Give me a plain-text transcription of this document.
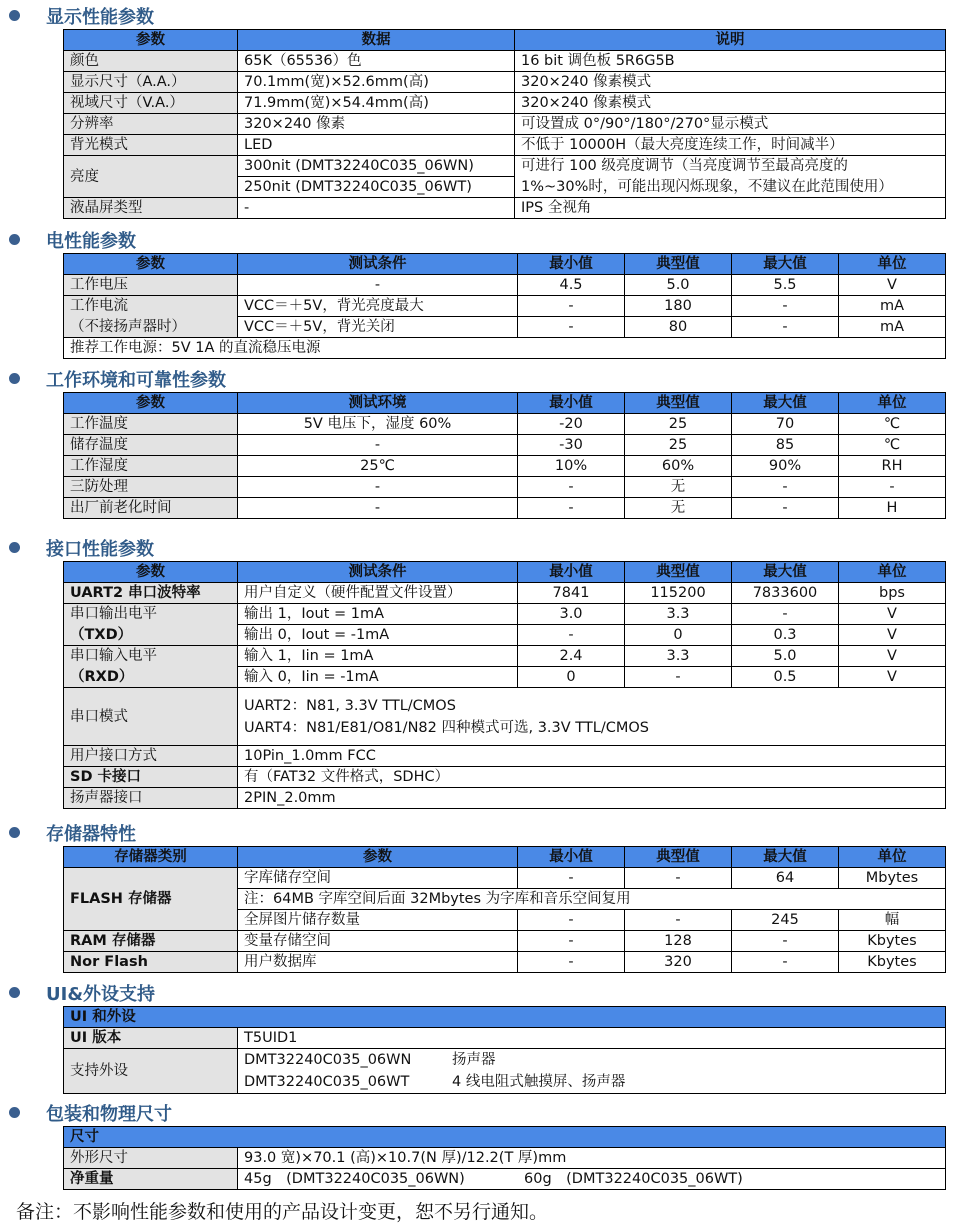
显示性能参数
参数	数据	说明
颜色	65K（65536）色	16 bit 调色板 5R6G5B
显示尺寸（A.A.）	70.1mm(宽)×52.6mm(高)	320×240 像素模式
视域尺寸（V.A.）	71.9mm(宽)×54.4mm(高)	320×240 像素模式
分辨率	320×240 像素	可设置成 0°/90°/180°/270°显示模式
背光模式	LED	不低于 10000H（最大亮度连续工作，时间减半）
亮度	300nit (DMT32240C035_06WN)	可进行 100 级亮度调节（当亮度调节至最高亮度的
	250nit (DMT32240C035_06WT)	1%~30%时，可能出现闪烁现象，不建议在此范围使用）
液晶屏类型	-	IPS 全视角
电性能参数
参数	测试条件	最小值	典型值	最大值	单位
工作电压	-	4.5	5.0	5.5	V
工作电流	VCC＝＋5V，背光亮度最大	-	180	-	mA
（不接扬声器时）	VCC＝＋5V，背光关闭	-	80	-	mA
推荐工作电源：5V 1A 的直流稳压电源					
工作环境和可靠性参数
参数	测试环境	最小值	典型值	最大值	单位
工作温度	5V 电压下，湿度 60%	-20	25	70	℃
储存温度	-	-30	25	85	℃
工作湿度	25℃	10%	60%	90%	RH
三防处理	-	-	无	-	-
出厂前老化时间	-	-	无	-	H
接口性能参数
参数	测试条件	最小值	典型值	最大值	单位
UART2 串口波特率	用户自定义（硬件配置文件设置）	7841	115200	7833600	bps
串口输出电平	输出 1，Iout = 1mA	3.0	3.3	-	V
（TXD）	输出 0，Iout = -1mA	-	0	0.3	V
串口输入电平	输入 1，Iin = 1mA	2.4	3.3	5.0	V
（RXD）	输入 0，Iin = -1mA	0	-	0.5	V
串口模式	UART2：N81, 3.3V TTL/CMOS
UART4：N81/E81/O81/N82 四种模式可选, 3.3V TTL/CMOS				

用户接口方式	10Pin_1.0mm FCC				
SD 卡接口	有（FAT32 文件格式，SDHC）				
扬声器接口	2PIN_2.0mm				
存储器特性
存储器类别	参数	最小值	典型值	最大值	单位
FLASH 存储器	字库储存空间	-	-	64	Mbytes
	注：64MB 字库空间后面 32Mbytes 为字库和音乐空间复用				
	全屏图片储存数量	-	-	245	幅
RAM 存储器	变量存储空间	-	128	-	Kbytes
Nor Flash	用户数据库	-	320	-	Kbytes
UI&外设支持
UI 和外设	
UI 版本	T5UID1
支持外设	DMT32240C035_06WN 扬声器
DMT32240C035_06WT 4 线电阻式触摸屏、扬声器
包装和物理尺寸
尺寸	
外形尺寸	93.0 宽)×70.1 (高)×10.7(N 厚)/12.2(T 厚)mm
净重量	45g　(DMT32240C035_06WN) 60g　(DMT32240C035_06WT)
备注：不影响性能参数和使用的产品设计变更，恕不另行通知。
